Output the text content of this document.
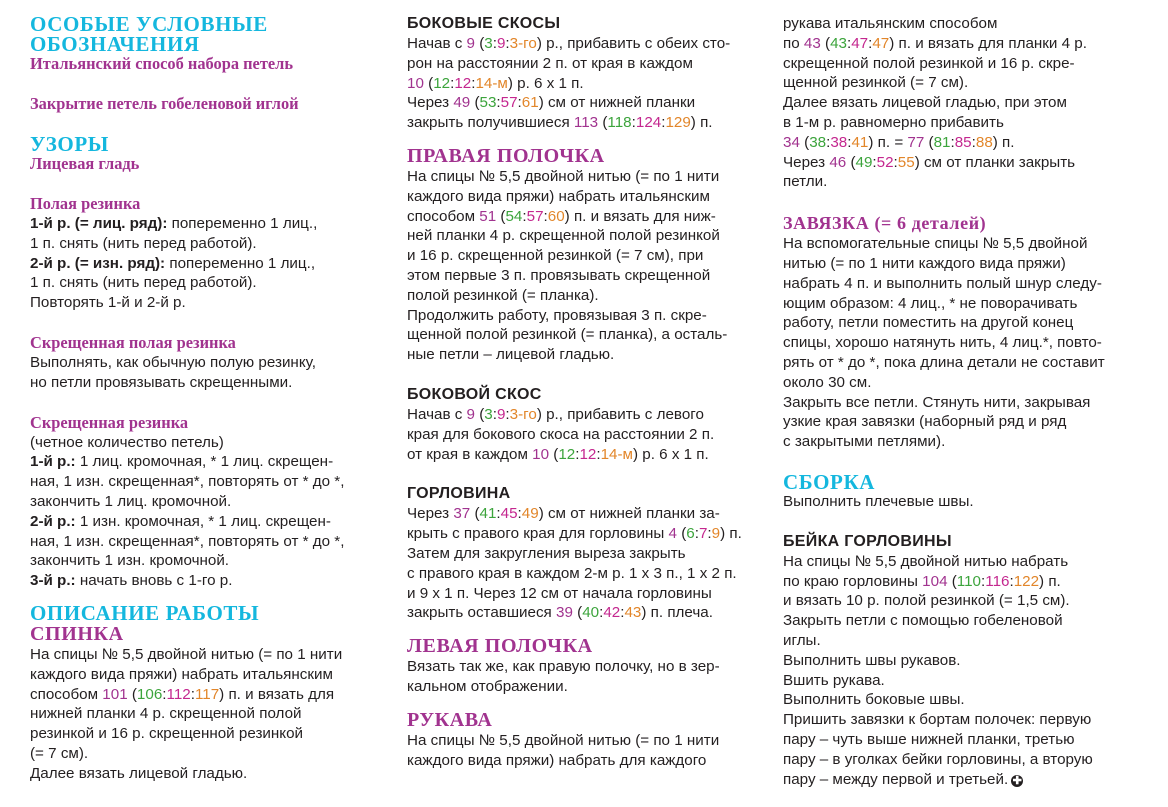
ОСОБЫЕ УСЛОВНЫЕ
ОБОЗНАЧЕНИЯ
Итальянский способ набора петель
Закрытие петель гобеленовой иглой
УЗОРЫ
Лицевая гладь
Полая резинка
1-й р. (= лиц. ряд): попеременно 1 лиц.,
1 п. снять (нить перед работой).
2-й р. (= изн. ряд): попеременно 1 лиц.,
1 п. снять (нить перед работой).
Повторять 1-й и 2-й р.
Скрещенная полая резинка
Выполнять, как обычную полую резинку,
но петли провязывать скрещенными.
Скрещенная резинка
(четное количество петель)
1-й р.: 1 лиц. кромочная, * 1 лиц. скрещен-
ная, 1 изн. скрещенная*, повторять от * до *,
закончить 1 лиц. кромочной.
2-й р.: 1 изн. кромочная, * 1 лиц. скрещен-
ная, 1 изн. скрещенная*, повторять от * до *,
закончить 1 изн. кромочной.
3-й р.: начать вновь с 1-го р.
ОПИСАНИЕ РАБОТЫ
СПИНКА
На спицы № 5,5 двойной нитью (= по 1 нити
каждого вида пряжи) набрать итальянским
способом 101 (106:112:117) п. и вязать для
нижней планки 4 р. скрещенной полой
резинкой и 16 р. скрещенной резинкой
(= 7 см).
Далее вязать лицевой гладью.
БОКОВЫЕ СКОСЫ
Начав с 9 (3:9:3-го) р., прибавить с обеих сто-
рон на расстоянии 2 п. от края в каждом
10 (12:12:14-м) р. 6 х 1 п.
Через 49 (53:57:61) см от нижней планки
закрыть получившиеся 113 (118:124:129) п.
ПРАВАЯ ПОЛОЧКА
На спицы № 5,5 двойной нитью (= по 1 нити
каждого вида пряжи) набрать итальянским
способом 51 (54:57:60) п. и вязать для ниж-
ней планки 4 р. скрещенной полой резинкой
и 16 р. скрещенной резинкой (= 7 см), при
этом первые 3 п. провязывать скрещенной
полой резинкой (= планка).
Продолжить работу, провязывая 3 п. скре-
щенной полой резинкой (= планка), а осталь-
ные петли – лицевой гладью.
БОКОВОЙ СКОС
Начав с 9 (3:9:3-го) р., прибавить с левого
края для бокового скоса на расстоянии 2 п.
от края в каждом 10 (12:12:14-м) р. 6 х 1 п.
ГОРЛОВИНА
Через 37 (41:45:49) см от нижней планки за-
крыть с правого края для горловины 4 (6:7:9) п.
Затем для закругления выреза закрыть
с правого края в каждом 2-м р. 1 х 3 п., 1 х 2 п.
и 9 х 1 п. Через 12 см от начала горловины
закрыть оставшиеся 39 (40:42:43) п. плеча.
ЛЕВАЯ ПОЛОЧКА
Вязать так же, как правую полочку, но в зер-
кальном отображении.
РУКАВА
На спицы № 5,5 двойной нитью (= по 1 нити
каждого вида пряжи) набрать для каждого
рукава итальянским способом
по 43 (43:47:47) п. и вязать для планки 4 р.
скрещенной полой резинкой и 16 р. скре-
щенной резинкой (= 7 см).
Далее вязать лицевой гладью, при этом
в 1-м р. равномерно прибавить
34 (38:38:41) п. = 77 (81:85:88) п.
Через 46 (49:52:55) см от планки закрыть
петли.
ЗАВЯЗКА (= 6 деталей)
На вспомогательные спицы № 5,5 двойной
нитью (= по 1 нити каждого вида пряжи)
набрать 4 п. и выполнить полый шнур следу-
ющим образом: 4 лиц., * не поворачивать
работу, петли поместить на другой конец
спицы, хорошо натянуть нить, 4 лиц.*, повто-
рять от * до *, пока длина детали не составит
около 30 см.
Закрыть все петли. Стянуть нити, закрывая
узкие края завязки (наборный ряд и ряд
с закрытыми петлями).
СБОРКА
Выполнить плечевые швы.
БЕЙКА ГОРЛОВИНЫ
На спицы № 5,5 двойной нитью набрать
по краю горловины 104 (110:116:122) п.
и вязать 10 р. полой резинкой (= 1,5 см).
Закрыть петли с помощью гобеленовой
иглы.
Выполнить швы рукавов.
Вшить рукава.
Выполнить боковые швы.
Пришить завязки к бортам полочек: первую
пару – чуть выше нижней планки, третью
пару – в уголках бейки горловины, а вторую
пару – между первой и третьей. ✚
